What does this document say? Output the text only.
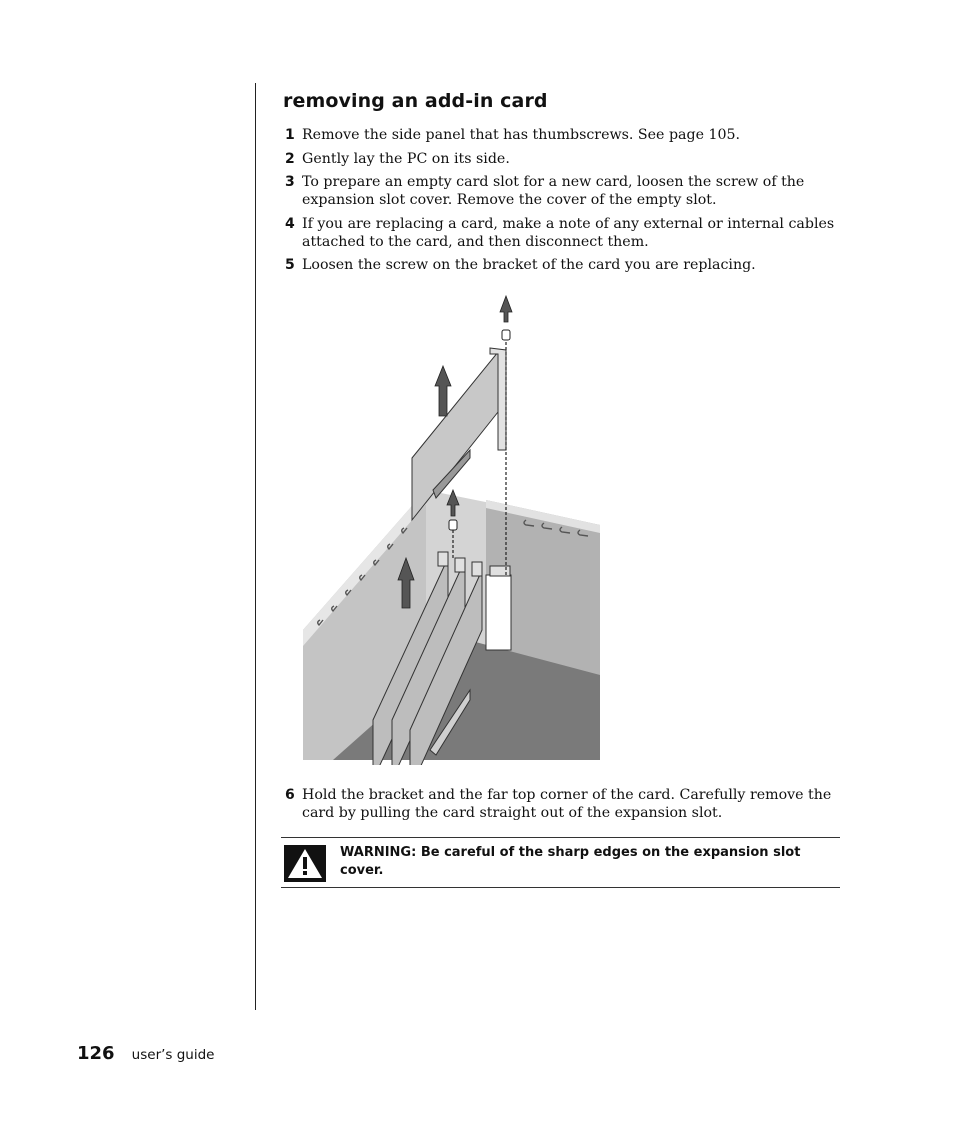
removing an add-in card
1 Remove the side panel that has thumbscrews. See page 105.
2 Gently lay the PC on its side.
3 To prepare an empty card slot for a new card, loosen the screw of the expansion slot cover. Remove the cover of the empty slot.
4 If you are replacing a card, make a note of any external or internal cables attached to the card, and then disconnect them.
5 Loosen the screw on the bracket of the card you are replacing.
6 Hold the bracket and the far top corner of the card. Carefully remove the card by pulling the card straight out of the expansion slot.
WARNING: Be careful of the sharp edges on the expansion slot cover.
126 user’s guide
